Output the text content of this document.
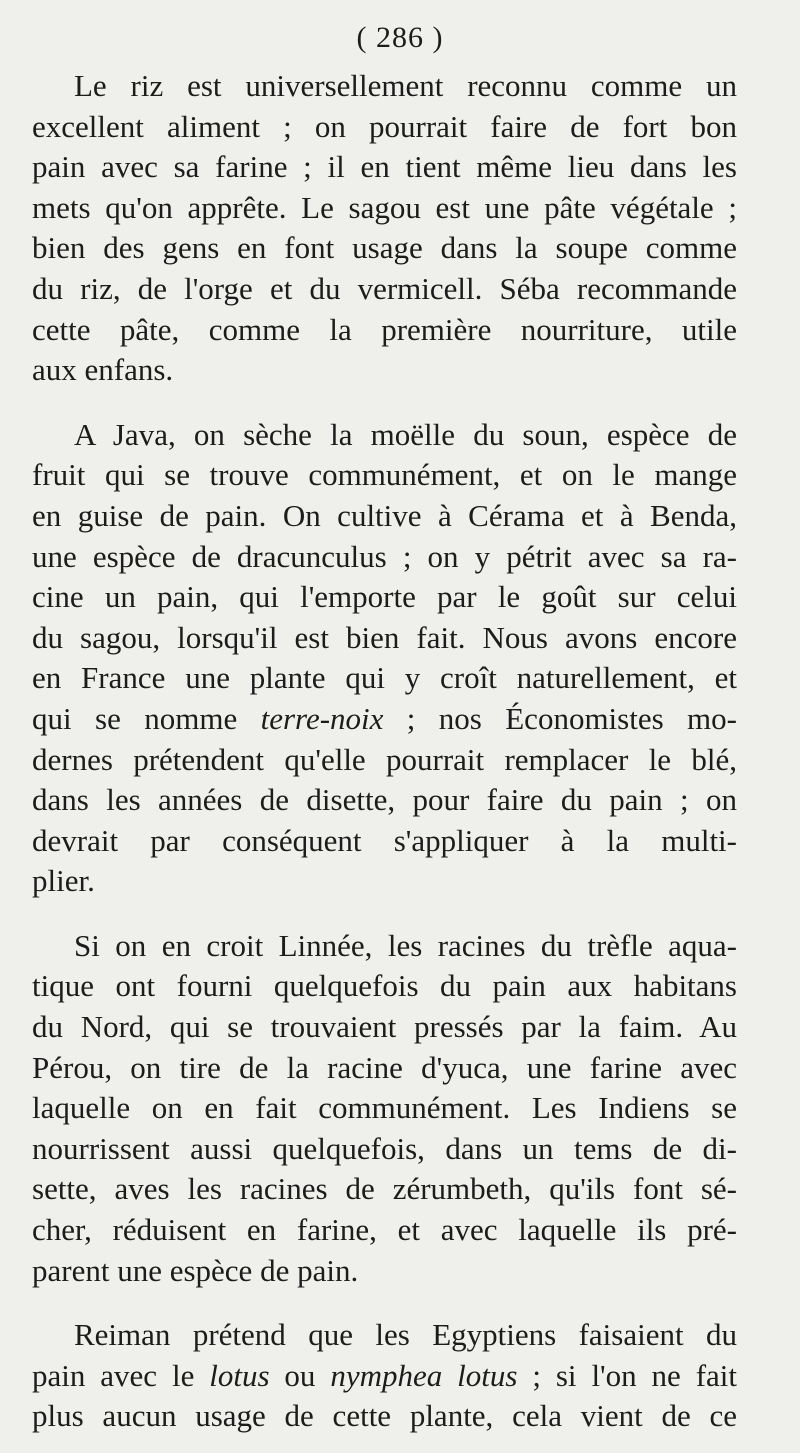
( 286 )
Le riz est universellement reconnu comme un
excellent aliment ; on pourrait faire de fort bon
pain avec sa farine ; il en tient même lieu dans les
mets qu'on apprête. Le sagou est une pâte végétale ;
bien des gens en font usage dans la soupe comme
du riz, de l'orge et du vermicell. Séba recommande
cette pâte, comme la première nourriture, utile
aux enfans.
A Java, on sèche la moëlle du soun, espèce de
fruit qui se trouve communément, et on le mange
en guise de pain. On cultive à Cérama et à Benda,
une espèce de dracunculus ; on y pétrit avec sa ra-
cine un pain, qui l'emporte par le goût sur celui
du sagou, lorsqu'il est bien fait. Nous avons encore
en France une plante qui y croît naturellement, et
qui se nomme terre-noix ; nos Économistes mo-
dernes prétendent qu'elle pourrait remplacer le blé,
dans les années de disette, pour faire du pain ; on
devrait par conséquent s'appliquer à la multi-
plier.
Si on en croit Linnée, les racines du trèfle aqua-
tique ont fourni quelquefois du pain aux habitans
du Nord, qui se trouvaient pressés par la faim. Au
Pérou, on tire de la racine d'yuca, une farine avec
laquelle on en fait communément. Les Indiens se
nourrissent aussi quelquefois, dans un tems de di-
sette, aves les racines de zérumbeth, qu'ils font sé-
cher, réduisent en farine, et avec laquelle ils pré-
parent une espèce de pain.
Reiman prétend que les Egyptiens faisaient du
pain avec le lotus ou nymphea lotus ; si l'on ne fait
plus aucun usage de cette plante, cela vient de ce
